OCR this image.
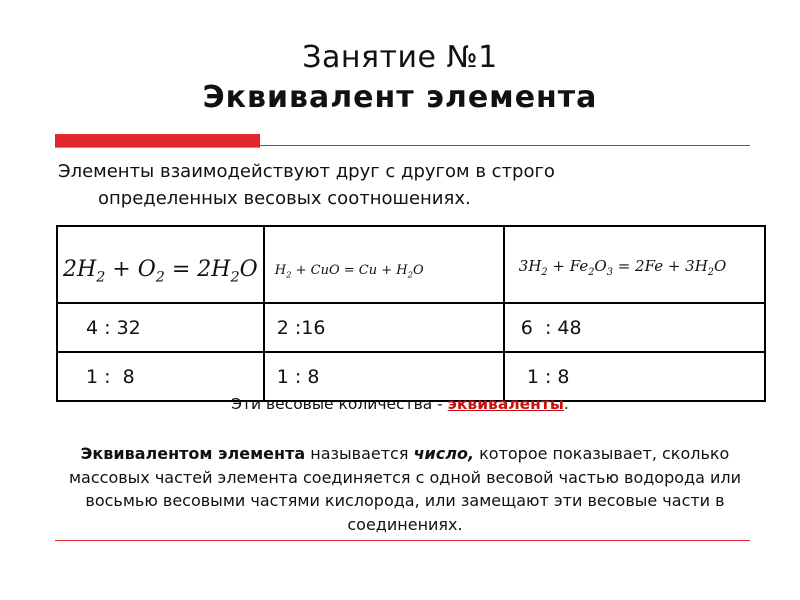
Занятие №1
Эквивалент элемента
Элементы взаимодействуют друг с другом в строго
определенных весовых соотношениях.
$2H_2 + O_2 = 2H_2O$	$H_2$ + CuO = $Cu + H_2O$	$3H_2 + Fe_2O_3 = 2Fe + 3H_2O$
4 : 32	2 :16	6  : 48
1 :  8	1 : 8	1 : 8
Эти весовые количества - эквиваленты.
Эквивалентом элемента называется число, которое показывает, сколько массовых частей элемента соединяется с одной весовой частью водорода или восьмью весовыми частями кислорода, или замещают эти весовые части в соединениях.
